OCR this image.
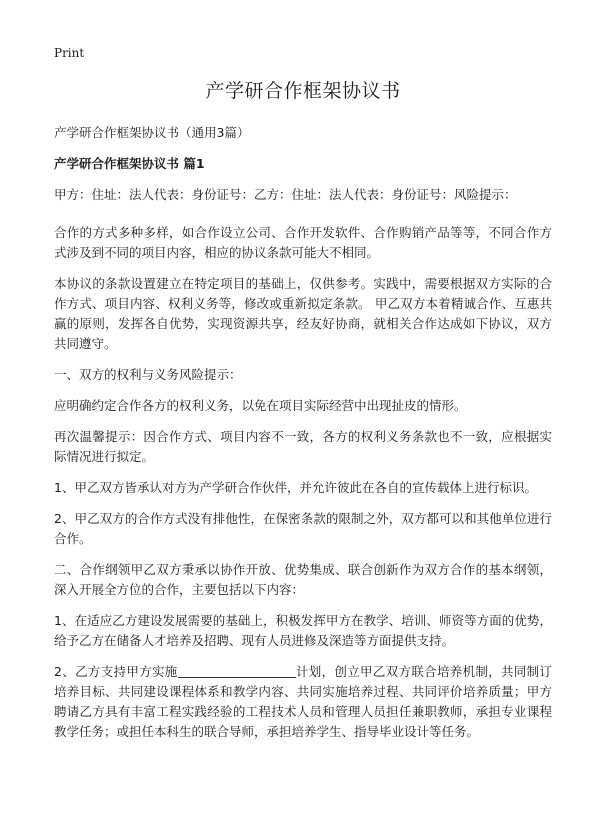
Print
产学研合作框架协议书

产学研合作框架协议书（通用3篇）

产学研合作框架协议书 篇1

甲方：住址：法人代表：身份证号：乙方：住址：法人代表：身份证号：风险提示：

合作的方式多种多样，如合作设立公司、合作开发软件、合作购销产品等等，不同合作方式涉及到不同的项目内容，相应的协议条款可能大不相同。

本协议的条款设置建立在特定项目的基础上，仅供参考。实践中，需要根据双方实际的合作方式、项目内容、权利义务等，修改或重新拟定条款。 甲乙双方本着精诚合作、互惠共赢的原则，发挥各自优势，实现资源共享，经友好协商，就相关合作达成如下协议，双方共同遵守。

一、双方的权利与义务风险提示：

应明确约定合作各方的权利义务，以免在项目实际经营中出现扯皮的情形。

再次温馨提示：因合作方式、项目内容不一致，各方的权利义务条款也不一致，应根据实际情况进行拟定。

1、甲乙双方皆承认对方为产学研合作伙伴，并允许彼此在各自的宣传载体上进行标识。

2、甲乙双方的合作方式没有排他性，在保密条款的限制之外，双方都可以和其他单位进行合作。

二、合作纲领甲乙双方秉承以协作开放、优势集成、联合创新作为双方合作的基本纲领，深入开展全方位的合作，主要包括以下内容：

1、在适应乙方建设发展需要的基础上，积极发挥甲方在教学、培训、师资等方面的优势，给予乙方在储备人才培养及招聘、现有人员进修及深造等方面提供支持。

2、乙方支持甲方实施	计划，创立甲乙双方联合培养机制，共同制订培养目标、共同建设课程体系和教学内容、共同实施培养过程、共同评价培养质量；甲方聘请乙方具有丰富工程实践经验的工程技术人员和管理人员担任兼职教师，承担专业课程教学任务；或担任本科生的联合导师，承担培养学生、指导毕业设计等任务。
